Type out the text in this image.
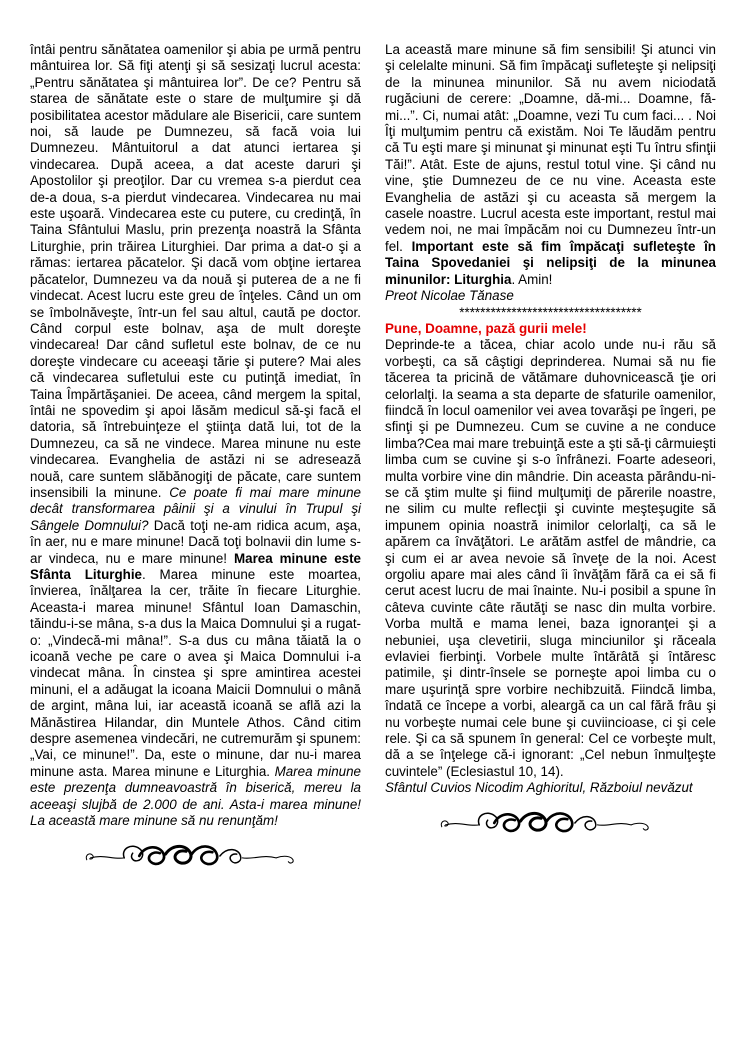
întâi pentru sănătatea oamenilor şi abia pe urmă pentru mântuirea lor. Să fiţi atenţi şi să sesizaţi lucrul acesta: „Pentru sănătatea şi mântuirea lor”. De ce? Pentru să starea de sănătate este o stare de mulţumire şi dă posibilitatea acestor mădulare ale Bisericii, care suntem noi, să laude pe Dumnezeu, să facă voia lui Dumnezeu. Mântuitorul a dat atunci iertarea şi vindecarea. După aceea, a dat aceste daruri şi Apostolilor şi preoţilor. Dar cu vremea s-a pierdut cea de-a doua, s-a pierdut vindecarea. Vindecarea nu mai este uşoară. Vindecarea este cu putere, cu credinţă, în Taina Sfântului Maslu, prin prezenţa noastră la Sfânta Liturghie, prin trăirea Liturghiei. Dar prima a dat-o şi a rămas: iertarea păcatelor. Şi dacă vom obţine iertarea păcatelor, Dumnezeu va da nouă şi puterea de a ne fi vindecat. Acest lucru este greu de înţeles. Când un om se îmbolnăveşte, într-un fel sau altul, caută pe doctor. Când corpul este bolnav, aşa de mult doreşte vindecarea! Dar când sufletul este bolnav, de ce nu doreşte vindecare cu aceeaşi tărie şi putere? Mai ales că vindecarea sufletului este cu putinţă imediat, în Taina Împărtăşaniei. De aceea, când mergem la spital, întâi ne spovedim şi apoi lăsăm medicul să-şi facă el datoria, să întrebuinţeze el ştiinţa dată lui, tot de la Dumnezeu, ca să ne vindece. Marea minune nu este vindecarea. Evanghelia de astăzi ni se adresează nouă, care suntem slăbănogiţi de păcate, care suntem insensibili la minune. Ce poate fi mai mare minune decât transformarea pâinii şi a vinului în Trupul şi Sângele Domnului? Dacă toţi ne-am ridica acum, aşa, în aer, nu e mare minune! Dacă toţi bolnavii din lume s-ar vindeca, nu e mare minune! Marea minune este Sfânta Liturghie. Marea minune este moartea, învierea, înălţarea la cer, trăite în fiecare Liturghie. Aceasta-i marea minune! Sfântul Ioan Damaschin, tăindu-i-se mâna, s-a dus la Maica Domnului şi a rugat-o: „Vindecă-mi mâna!”. S-a dus cu mâna tăiată la o icoană veche pe care o avea şi Maica Domnului i-a vindecat mâna. În cinstea şi spre amintirea acestei minuni, el a adăugat la icoana Maicii Domnului o mână de argint, mâna lui, iar această icoană se află azi la Mănăstirea Hilandar, din Muntele Athos. Când citim despre asemenea vindecări, ne cutremurăm şi spunem: „Vai, ce minune!”. Da, este o minune, dar nu-i marea minune asta. Marea minune e Liturghia. Marea minune este prezenţa dumneavoastră în biserică, mereu la aceeaşi slujbă de 2.000 de ani. Asta-i marea minune! La această mare minune să nu renunţăm!

La această mare minune să fim sensibili! Şi atunci vin şi celelalte minuni. Să fim împăcaţi sufleteşte şi nelipsiţi de la minunea minunilor. Să nu avem niciodată rugăciuni de cerere: „Doamne, dă-mi... Doamne, fă-mi...”. Ci, numai atât: „Doamne, vezi Tu cum faci... . Noi Îţi mulţumim pentru că existăm. Noi Te lăudăm pentru că Tu eşti mare şi minunat şi minunat eşti Tu întru sfinţii Tăi!”. Atât. Este de ajuns, restul totul vine. Şi când nu vine, ştie Dumnezeu de ce nu vine. Aceasta este Evanghelia de astăzi şi cu aceasta să mergem la casele noastre. Lucrul acesta este important, restul mai vedem noi, ne mai împăcăm noi cu Dumnezeu într-un fel. Important este să fim împăcaţi sufleteşte în Taina Spovedaniei şi nelipsiţi de la minunea minunilor: Liturghia. Amin!

Preot Nicolae Tănase

***********************************

Pune, Doamne, pază gurii mele!

Deprinde-te a tăcea, chiar acolo unde nu-i rău să vorbeşti, ca să câştigi deprinderea. Numai să nu fie tăcerea ta pricină de vătămare duhovnicească ţie ori celorlalţi. Ia seama a sta departe de sfaturile oamenilor, fiindcă în locul oamenilor vei avea tovarăşi pe îngeri, pe sfinţi şi pe Dumnezeu. Cum se cuvine a ne conduce limba?Cea mai mare trebuinţă este a şti să-ţi cârmuieşti limba cum se cuvine şi s-o înfrânezi. Foarte adeseori, multa vorbire vine din mândrie. Din aceasta părându-ni-se că ştim multe şi fiind mulţumiţi de părerile noastre, ne silim cu multe reflecţii şi cuvinte meşteşugite să impunem opinia noastră inimilor celorlalţi, ca să le apărem ca învăţători. Le arătăm astfel de mândrie, ca şi cum ei ar avea nevoie să înveţe de la noi. Acest orgoliu apare mai ales când îi învăţăm fără ca ei să fi cerut acest lucru de mai înainte. Nu-i posibil a spune în câteva cuvinte câte răutăţi se nasc din multa vorbire. Vorba multă e mama lenei, baza ignoranţei şi a nebuniei, uşa clevetirii, sluga minciunilor şi răceala evlaviei fierbinţi. Vorbele multe întărâtă şi întăresc patimile, şi dintr-însele se porneşte apoi limba cu o mare uşurinţă spre vorbire nechibzuită. Fiindcă limba, îndată ce începe a vorbi, aleargă ca un cal fără frâu şi nu vorbeşte numai cele bune şi cuviincioase, ci şi cele rele. Şi ca să spunem în general: Cel ce vorbeşte mult, dă a se înţelege că-i ignorant: „Cel nebun înmulţeşte cuvintele” (Eclesiastul 10, 14).

Sfântul Cuvios Nicodim Aghioritul, Războiul nevăzut
